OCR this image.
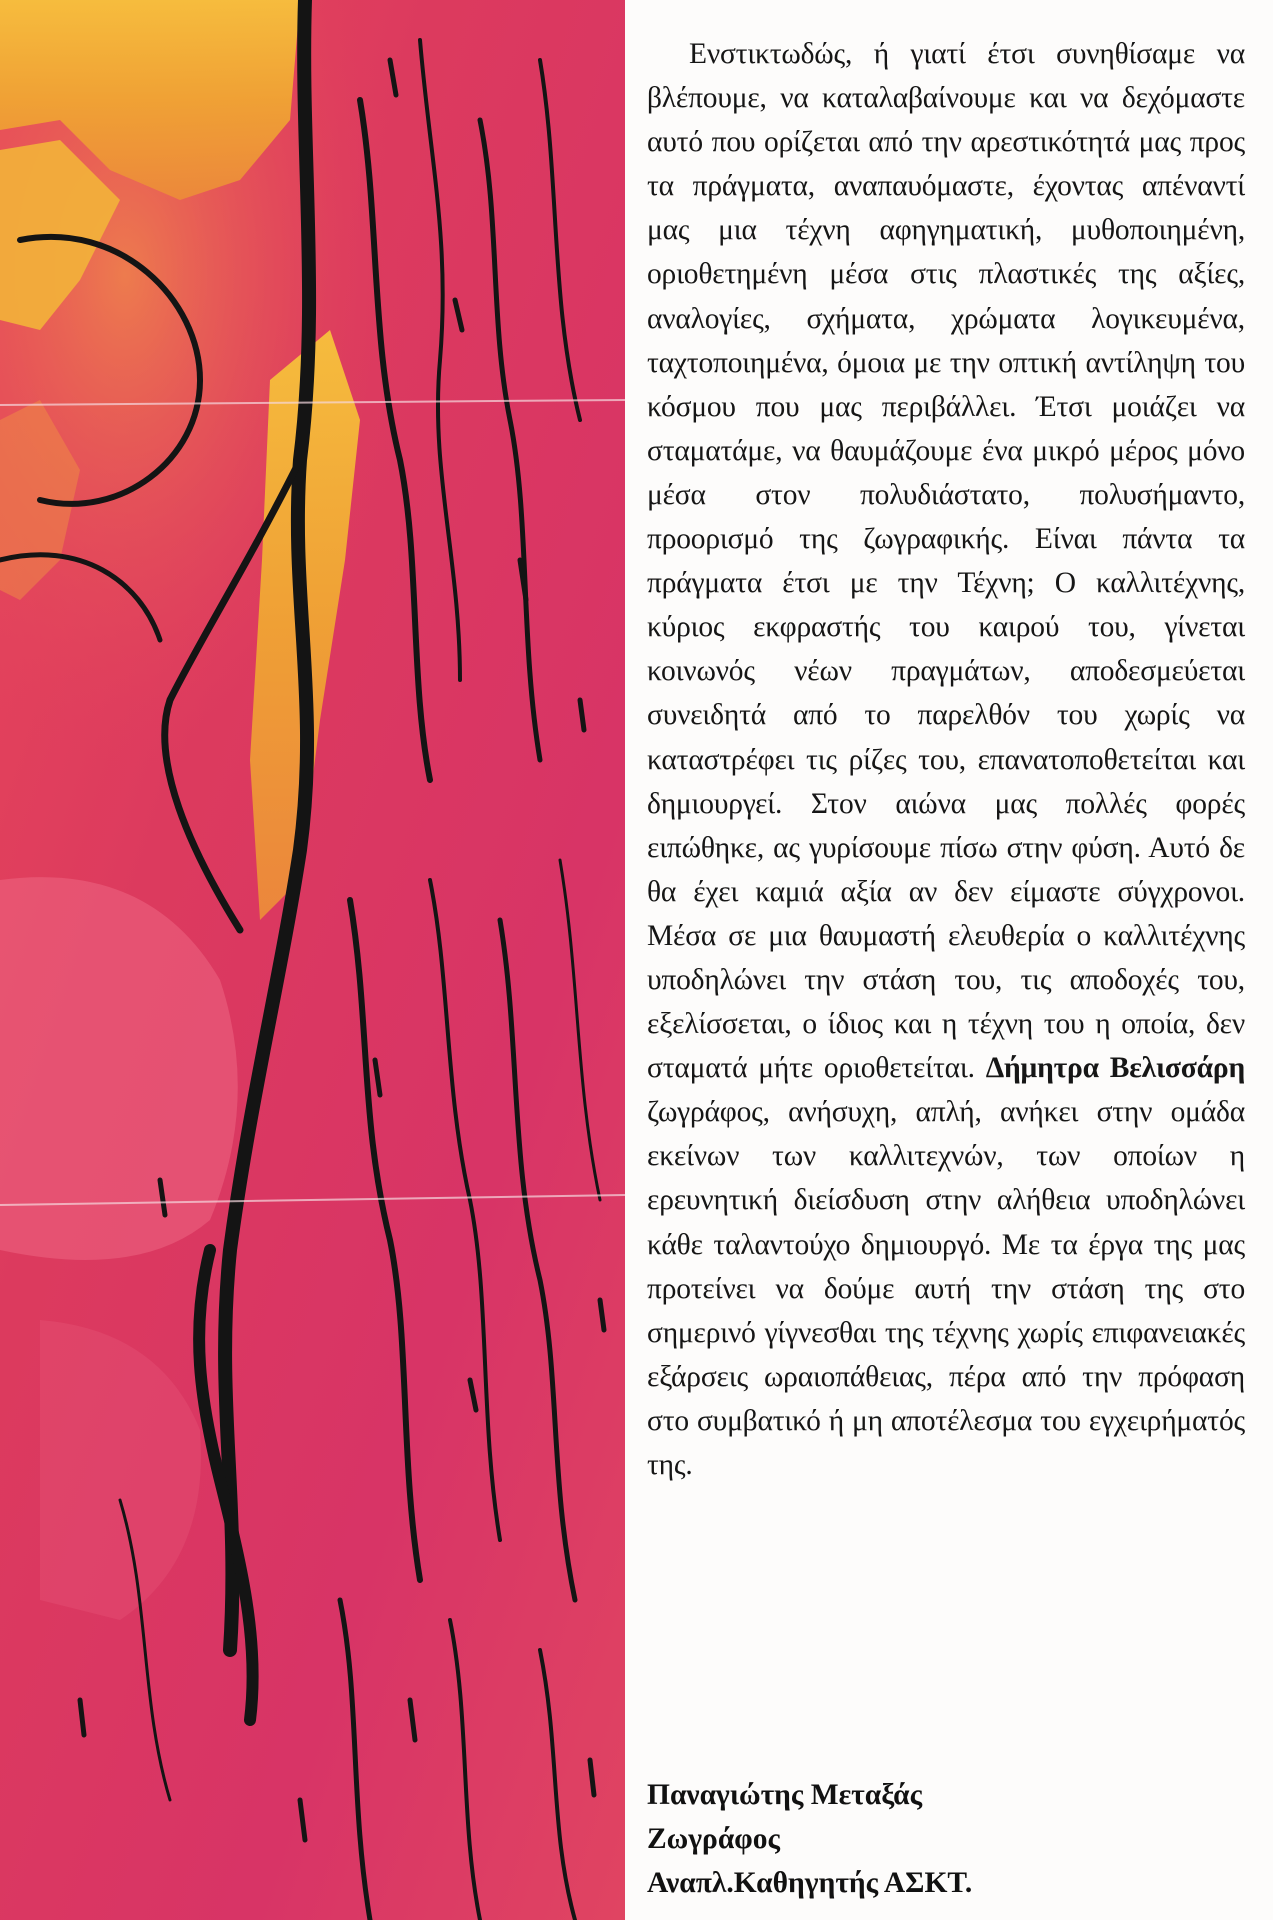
Ενστικτωδώς, ή γιατί έτσι συνηθίσαμε να βλέπουμε, να καταλαβαίνουμε και να δεχόμαστε αυτό που ορίζεται από την αρεστικότητά μας προς τα πράγματα, αναπαυόμαστε, έχοντας απέναντί μας μια τέχνη αφηγηματική, μυθοποιημένη, οριοθετημένη μέσα στις πλαστικές της αξίες, αναλογίες, σχήματα, χρώματα λογικευμένα, ταχτοποιημένα, όμοια με την οπτική αντίληψη του κόσμου που μας περιβάλλει. Έτσι μοιάζει να σταματάμε, να θαυμάζουμε ένα μικρό μέρος μόνο μέσα στον πολυδιάστατο, πολυσήμαντο, προορισμό της ζωγραφικής. Είναι πάντα τα πράγματα έτσι με την Τέχνη; Ο καλλιτέχνης, κύριος εκφραστής του καιρού του, γίνεται κοινωνός νέων πραγμάτων, αποδεσμεύεται συνειδητά από το παρελθόν του χωρίς να καταστρέφει τις ρίζες του, επανατοποθετείται και δημιουργεί. Στον αιώνα μας πολλές φορές ειπώθηκε, ας γυρίσουμε πίσω στην φύση. Αυτό δε θα έχει καμιά αξία αν δεν είμαστε σύγχρονοι. Μέσα σε μια θαυμαστή ελευθερία ο καλλιτέχνης υποδηλώνει την στάση του, τις αποδοχές του, εξελίσσεται, ο ίδιος και η τέχνη του η οποία, δεν σταματά μήτε οριοθετείται. Δήμητρα Βελισσάρη ζωγράφος, ανήσυχη, απλή, ανήκει στην ομάδα εκείνων των καλλιτεχνών, των οποίων η ερευνητική διείσδυση στην αλήθεια υποδηλώνει κάθε ταλαντούχο δημιουργό. Με τα έργα της μας προτείνει να δούμε αυτή την στάση της στο σημερινό γίγνεσθαι της τέχνης χωρίς επιφανειακές εξάρσεις ωραιοπάθειας, πέρα από την πρόφαση στο συμβατικό ή μη αποτέλεσμα του εγχειρήματός της.

Παναγιώτης Μεταξάς
Ζωγράφος
Αναπλ.Καθηγητής ΑΣΚΤ.
